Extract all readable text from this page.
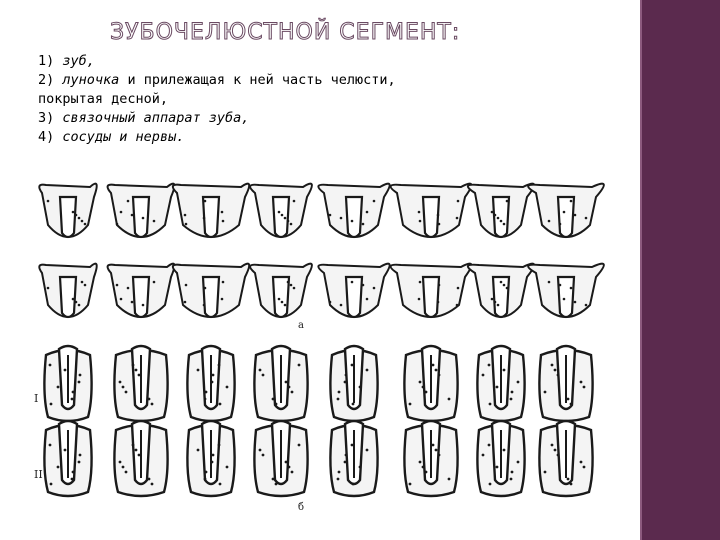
ЗУБОЧЕЛЮСТНОЙ СЕГМЕНТ:
1) зуб,
2) луночка и прилежащая к ней часть челюсти,
покрытая десной,
3) связочный аппарат зуба,
4) сосуды и нервы.
а
б
I
II
